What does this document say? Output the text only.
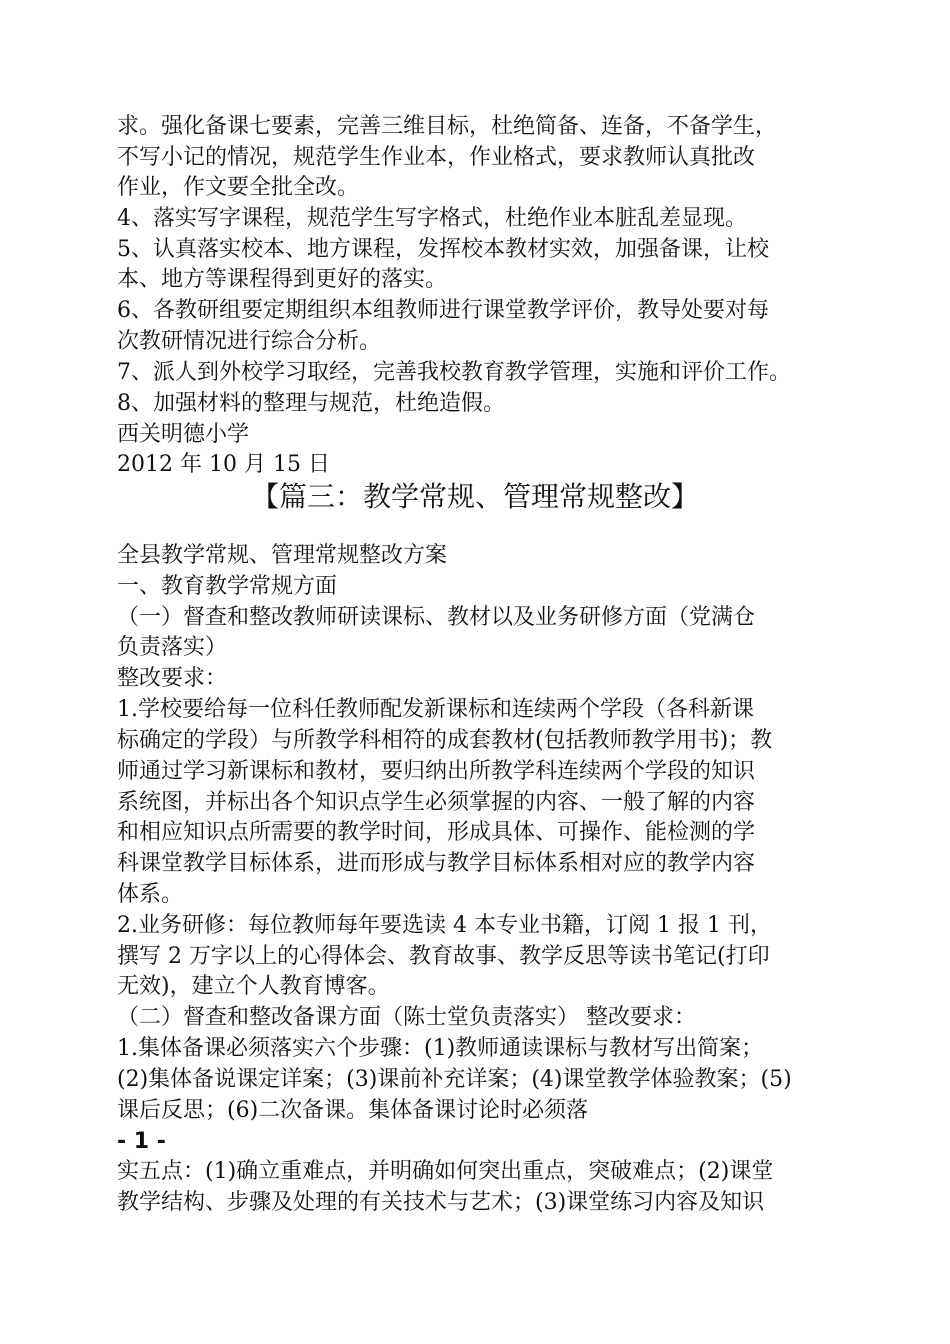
求。强化备课七要素，完善三维目标，杜绝简备、连备，不备学生，
不写小记的情况，规范学生作业本，作业格式，要求教师认真批改
作业，作文要全批全改。
4、落实写字课程，规范学生写字格式，杜绝作业本脏乱差显现。
5、认真落实校本、地方课程，发挥校本教材实效，加强备课，让校
本、地方等课程得到更好的落实。
6、各教研组要定期组织本组教师进行课堂教学评价，教导处要对每
次教研情况进行综合分析。
7、派人到外校学习取经，完善我校教育教学管理，实施和评价工作。
8、加强材料的整理与规范，杜绝造假。
西关明德小学
2012 年 10 月 15 日
【篇三：教学常规、管理常规整改】
全县教学常规、管理常规整改方案
一、教育教学常规方面
（一）督查和整改教师研读课标、教材以及业务研修方面（党满仓
负责落实）
整改要求：
1.学校要给每一位科任教师配发新课标和连续两个学段（各科新课
标确定的学段）与所教学科相符的成套教材(包括教师教学用书)；教
师通过学习新课标和教材，要归纳出所教学科连续两个学段的知识
系统图，并标出各个知识点学生必须掌握的内容、一般了解的内容
和相应知识点所需要的教学时间，形成具体、可操作、能检测的学
科课堂教学目标体系，进而形成与教学目标体系相对应的教学内容
体系。
2.业务研修：每位教师每年要选读 4 本专业书籍，订阅 1 报 1 刊，
撰写 2 万字以上的心得体会、教育故事、教学反思等读书笔记(打印
无效)，建立个人教育博客。
（二）督查和整改备课方面（陈士堂负责落实） 整改要求：
1.集体备课必须落实六个步骤：(1)教师通读课标与教材写出简案；
(2)集体备说课定详案；(3)课前补充详案；(4)课堂教学体验教案；(5)
课后反思；(6)二次备课。集体备课讨论时必须落
- 1 -
实五点：(1)确立重难点，并明确如何突出重点，突破难点；(2)课堂
教学结构、步骤及处理的有关技术与艺术；(3)课堂练习内容及知识
